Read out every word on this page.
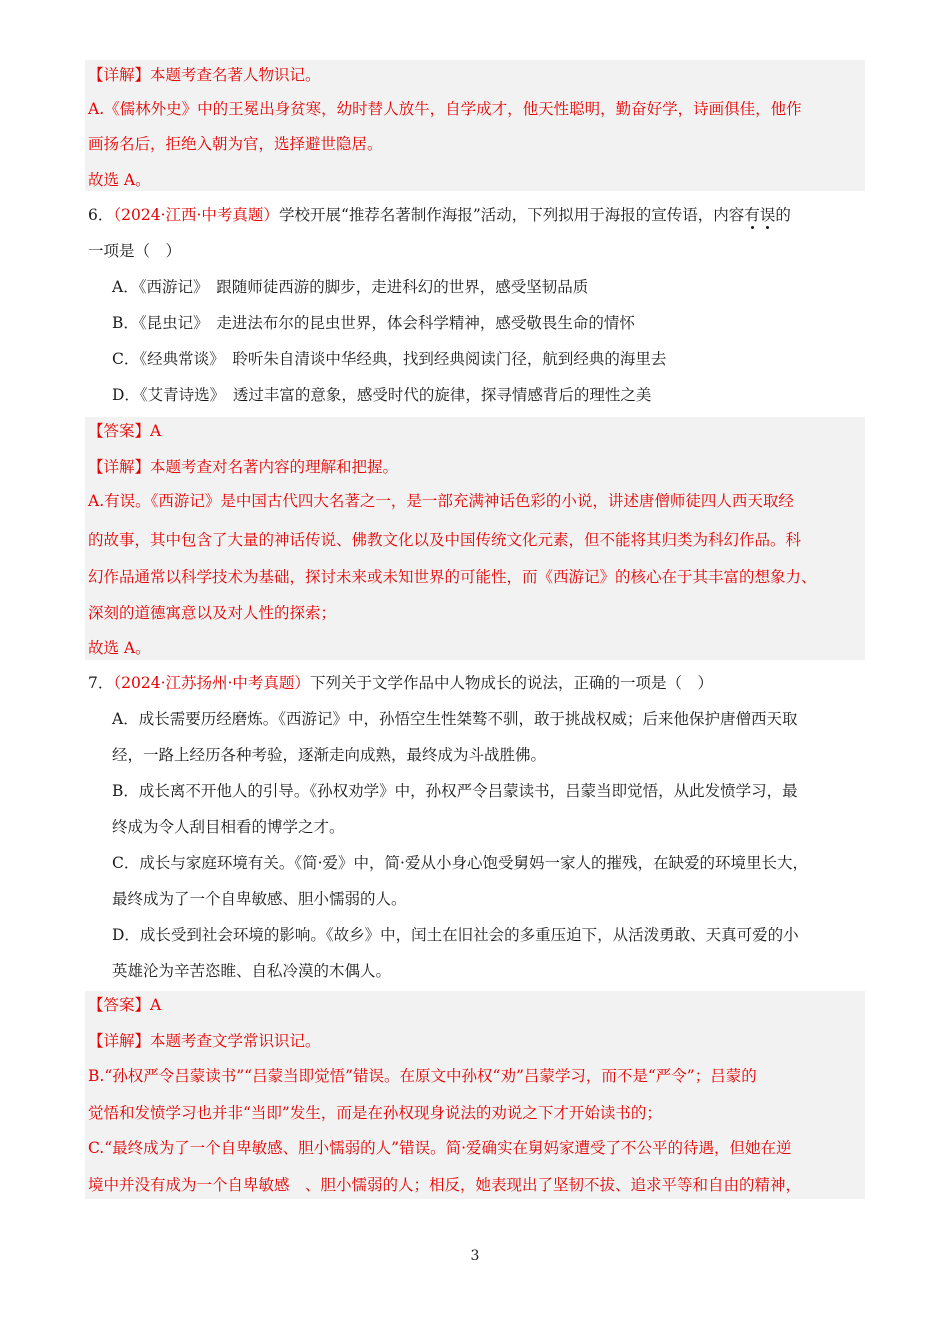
【详解】本题考查名著人物识记。
A.《儒林外史》中的王冕出身贫寒，幼时替人放牛，自学成才，他天性聪明，勤奋好学，诗画俱佳，他作
画扬名后，拒绝入朝为官，选择避世隐居。
故选 A。
6．（2024·江西·中考真题）学校开展“推荐名著制作海报”活动，下列拟用于海报的宣传语，内容有误的
一项是（　）
A．《西游记》　跟随师徒西游的脚步，走进科幻的世界，感受坚韧品质
B．《昆虫记》　走进法布尔的昆虫世界，体会科学精神，感受敬畏生命的情怀
C．《经典常谈》　聆听朱自清谈中华经典，找到经典阅读门径，航到经典的海里去
D．《艾青诗选》　透过丰富的意象，感受时代的旋律，探寻情感背后的理性之美
【答案】A
【详解】本题考查对名著内容的理解和把握。
A.有误。《西游记》是中国古代四大名著之一，是一部充满神话色彩的小说，讲述唐僧师徒四人西天取经
的故事，其中包含了大量的神话传说、佛教文化以及中国传统文化元素，但不能将其归类为科幻作品。科
幻作品通常以科学技术为基础，探讨未来或未知世界的可能性，而《西游记》的核心在于其丰富的想象力、
深刻的道德寓意以及对人性的探索；
故选 A。
7．（2024·江苏扬州·中考真题）下列关于文学作品中人物成长的说法，正确的一项是（　）
A．成长需要历经磨炼。《西游记》中，孙悟空生性桀骜不驯，敢于挑战权威；后来他保护唐僧西天取
经，一路上经历各种考验，逐渐走向成熟，最终成为斗战胜佛。
B．成长离不开他人的引导。《孙权劝学》中，孙权严令吕蒙读书，吕蒙当即觉悟，从此发愤学习，最
终成为令人刮目相看的博学之才。
C．成长与家庭环境有关。《简·爱》中，简·爱从小身心饱受舅妈一家人的摧残，在缺爱的环境里长大，
最终成为了一个自卑敏感、胆小懦弱的人。
D．成长受到社会环境的影响。《故乡》中，闰土在旧社会的多重压迫下，从活泼勇敢、天真可爱的小
英雄沦为辛苦恣睢、自私冷漠的木偶人。
【答案】A
【详解】本题考查文学常识识记。
B.“孙权严令吕蒙读书”“吕蒙当即觉悟”错误。在原文中孙权“劝”吕蒙学习，而不是“严令”；吕蒙的
觉悟和发愤学习也并非“当即”发生，而是在孙权现身说法的劝说之下才开始读书的；
C.“最终成为了一个自卑敏感、胆小懦弱的人”错误。简·爱确实在舅妈家遭受了不公平的待遇，但她在逆
境中并没有成为一个自卑敏感　、胆小懦弱的人；相反，她表现出了坚韧不拔、追求平等和自由的精神，
3
